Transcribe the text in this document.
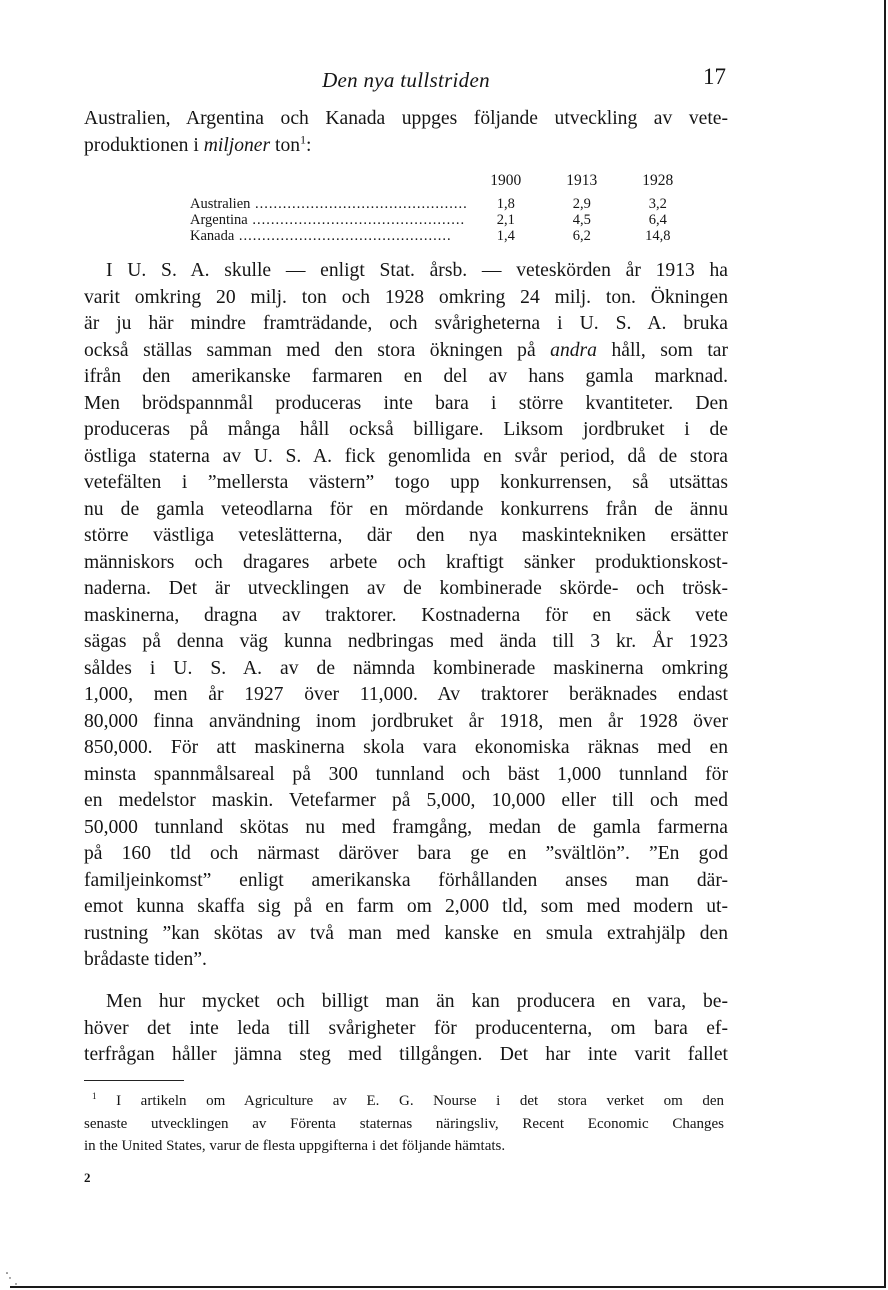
Den nya tullstriden	17

Australien, Argentina och Kanada uppges följande utveckling av vete-
produktionen i miljoner ton$^1$:

	1900	1913	1928
Australien .....	1,8	2,9	3,2
Argentina .....	2,1	4,5	6,4
Kanada .....	1,4	6,2	14,8

I U. S. A. skulle — enligt Stat. årsb. — veteskörden år 1913 ha
varit omkring 20 milj. ton och 1928 omkring 24 milj. ton. Ökningen
är ju här mindre framträdande, och svårigheterna i U. S. A. bruka
också ställas samman med den stora ökningen på andra håll, som tar
ifrån den amerikanske farmaren en del av hans gamla marknad.
Men brödspannmål produceras inte bara i större kvantiteter. Den
produceras på många håll också billigare. Liksom jordbruket i de
östliga staterna av U. S. A. fick genomlida en svår period, då de stora
vetefälten i ”mellersta västern” togo upp konkurrensen, så utsättas
nu de gamla veteodlarna för en mördande konkurrens från de ännu
större västliga veteslätterna, där den nya maskintekniken ersätter
människors och dragares arbete och kraftigt sänker produktionskost-
naderna. Det är utvecklingen av de kombinerade skörde- och trösk-
maskinerna, dragna av traktorer. Kostnaderna för en säck vete
sägas på denna väg kunna nedbringas med ända till 3 kr. År 1923
såldes i U. S. A. av de nämnda kombinerade maskinerna omkring
1,000, men år 1927 över 11,000. Av traktorer beräknades endast
80,000 finna användning inom jordbruket år 1918, men år 1928 över
850,000. För att maskinerna skola vara ekonomiska räknas med en
minsta spannmålsareal på 300 tunnland och bäst 1,000 tunnland för
en medelstor maskin. Vetefarmer på 5,000, 10,000 eller till och med
50,000 tunnland skötas nu med framgång, medan de gamla farmerna
på 160 tld och närmast däröver bara ge en ”svältlön”. ”En god
familjeinkomst” enligt amerikanska förhållanden anses man där-
emot kunna skaffa sig på en farm om 2,000 tld, som med modern ut-
rustning ”kan skötas av två man med kanske en smula extrahjälp den
brådaste tiden”.

Men hur mycket och billigt man än kan producera en vara, be-
höver det inte leda till svårigheter för producenterna, om bara ef-
terfrågan håller jämna steg med tillgången. Det har inte varit fallet

$^1$ I artikeln om Agriculture av E. G. Nourse i det stora verket om den
senaste utvecklingen av Förenta staternas näringsliv, Recent Economic Changes
in the United States, varur de flesta uppgifterna i det följande hämtats.

2
